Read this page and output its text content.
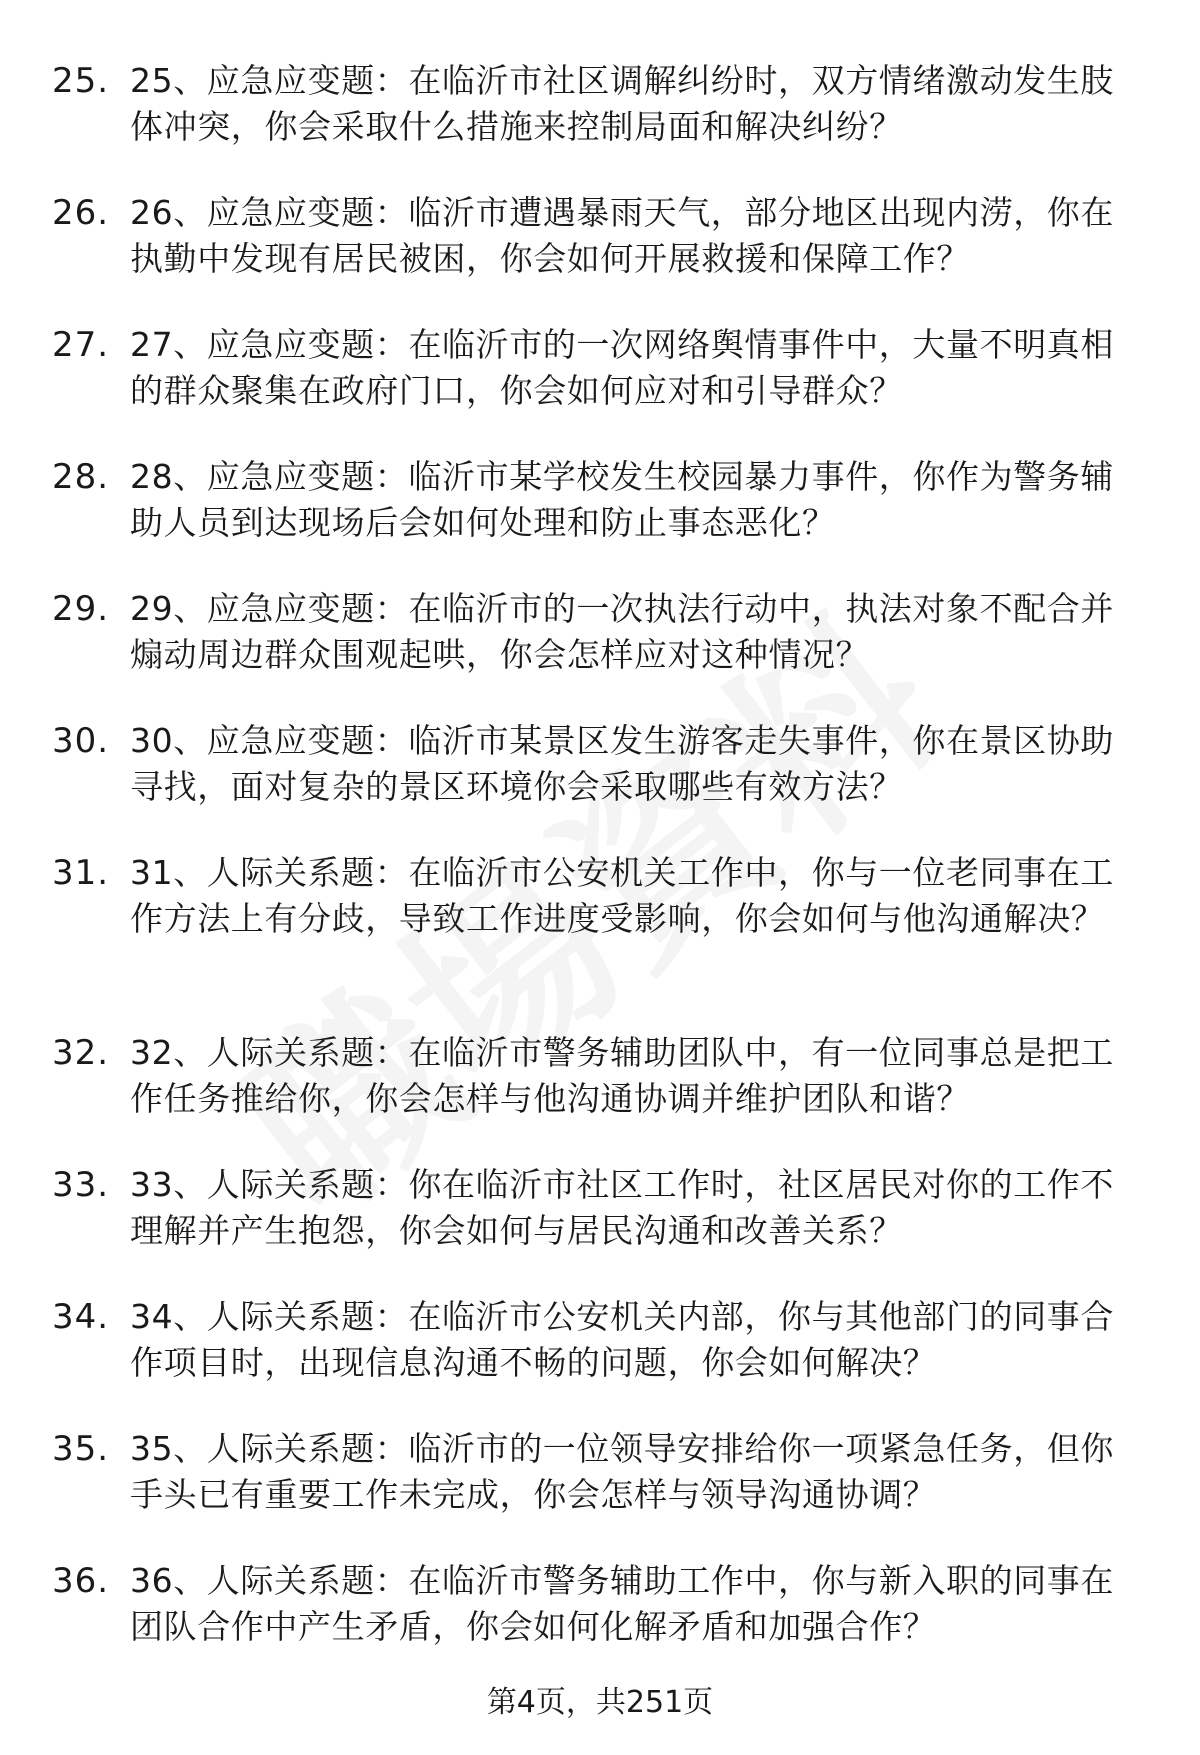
25. 25、应急应变题：在临沂市社区调解纠纷时，双方情绪激动发生肢体冲突，你会采取什么措施来控制局面和解决纠纷？
26. 26、应急应变题：临沂市遭遇暴雨天气，部分地区出现内涝，你在执勤中发现有居民被困，你会如何开展救援和保障工作？
27. 27、应急应变题：在临沂市的一次网络舆情事件中，大量不明真相的群众聚集在政府门口，你会如何应对和引导群众？
28. 28、应急应变题：临沂市某学校发生校园暴力事件，你作为警务辅助人员到达现场后会如何处理和防止事态恶化？
29. 29、应急应变题：在临沂市的一次执法行动中，执法对象不配合并煽动周边群众围观起哄，你会怎样应对这种情况？
30. 30、应急应变题：临沂市某景区发生游客走失事件，你在景区协助寻找，面对复杂的景区环境你会采取哪些有效方法？
31. 31、人际关系题：在临沂市公安机关工作中，你与一位老同事在工作方法上有分歧，导致工作进度受影响，你会如何与他沟通解决？
32. 32、人际关系题：在临沂市警务辅助团队中，有一位同事总是把工作任务推给你，你会怎样与他沟通协调并维护团队和谐？
33. 33、人际关系题：你在临沂市社区工作时，社区居民对你的工作不理解并产生抱怨，你会如何与居民沟通和改善关系？
34. 34、人际关系题：在临沂市公安机关内部，你与其他部门的同事合作项目时，出现信息沟通不畅的问题，你会如何解决？
35. 35、人际关系题：临沂市的一位领导安排给你一项紧急任务，但你手头已有重要工作未完成，你会怎样与领导沟通协调？
36. 36、人际关系题：在临沂市警务辅助工作中，你与新入职的同事在团队合作中产生矛盾，你会如何化解矛盾和加强合作？
第4页，共251页
